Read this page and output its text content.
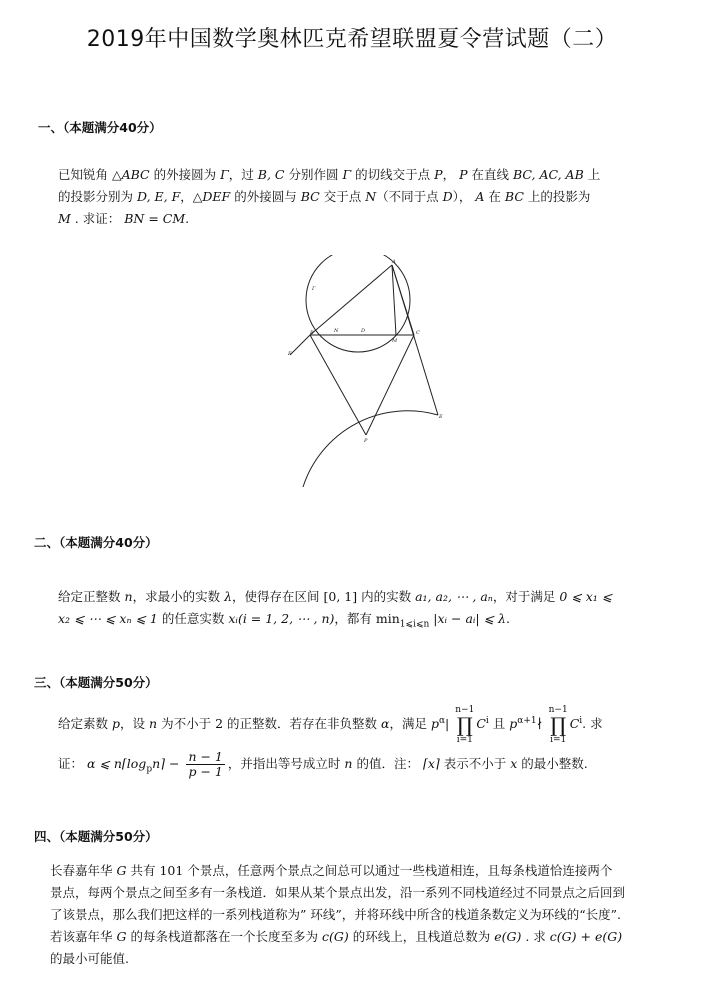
2019年中国数学奥林匹克希望联盟夏令营试题（二）
一、（本题满分40分）

已知锐角 △ABC 的外接圆为 Γ，过 B, C 分别作圆 Γ 的切线交于点 P， P 在直线 BC, AC, AB 上

的投影分别为 D, E, F，△DEF 的外接圆与 BC 交于点 N（不同于点 D）， A 在 BC 上的投影为

M . 求证： BN = CM.

A
B	C
D
N
M
E
F
P
Γ
二、（本题满分40分）

给定正整数 n，求最小的实数 λ，使得存在区间 [0, 1] 内的实数 a₁, a₂, ⋯ , aₙ，对于满足 0 ⩽ x₁ ⩽

x₂ ⩽ ⋯ ⩽ xₙ ⩽ 1 的任意实数 xᵢ(i = 1, 2, ⋯ , n)，都有 $\min_{1⩽i⩽n}$ |xᵢ − aᵢ| ⩽ λ.

三、（本题满分50分）

给定素数 p，设 n 为不小于 2 的正整数．若存在非负整数 α，满足 $p^\alpha|$
n−1
∏
i=1
$C^i$ 且 $p^{\alpha+1}∤$
n−1
∏
i=1
$C^i$. 求

证： α ⩽ $n⌈\log_pn⌉ - \frac{n - 1}{p - 1}$ ，并指出等号成立时 n 的值．注： ⌈x⌉ 表示不小于 x 的最小整数.

四、（本题满分50分）

长春嘉年华 G 共有 101 个景点，任意两个景点之间总可以通过一些栈道相连，且每条栈道恰连接两个

景点，每两个景点之间至多有一条栈道．如果从某个景点出发，沿一系列不同栈道经过不同景点之后回到

了该景点，那么我们把这样的一系列栈道称为” 环线”，并将环线中所含的栈道条数定义为环线的“长度”.

若该嘉年华 G 的每条栈道都落在一个长度至多为 c(G) 的环线上，且栈道总数为 e(G) . 求 c(G) + e(G)

的最小可能值.
